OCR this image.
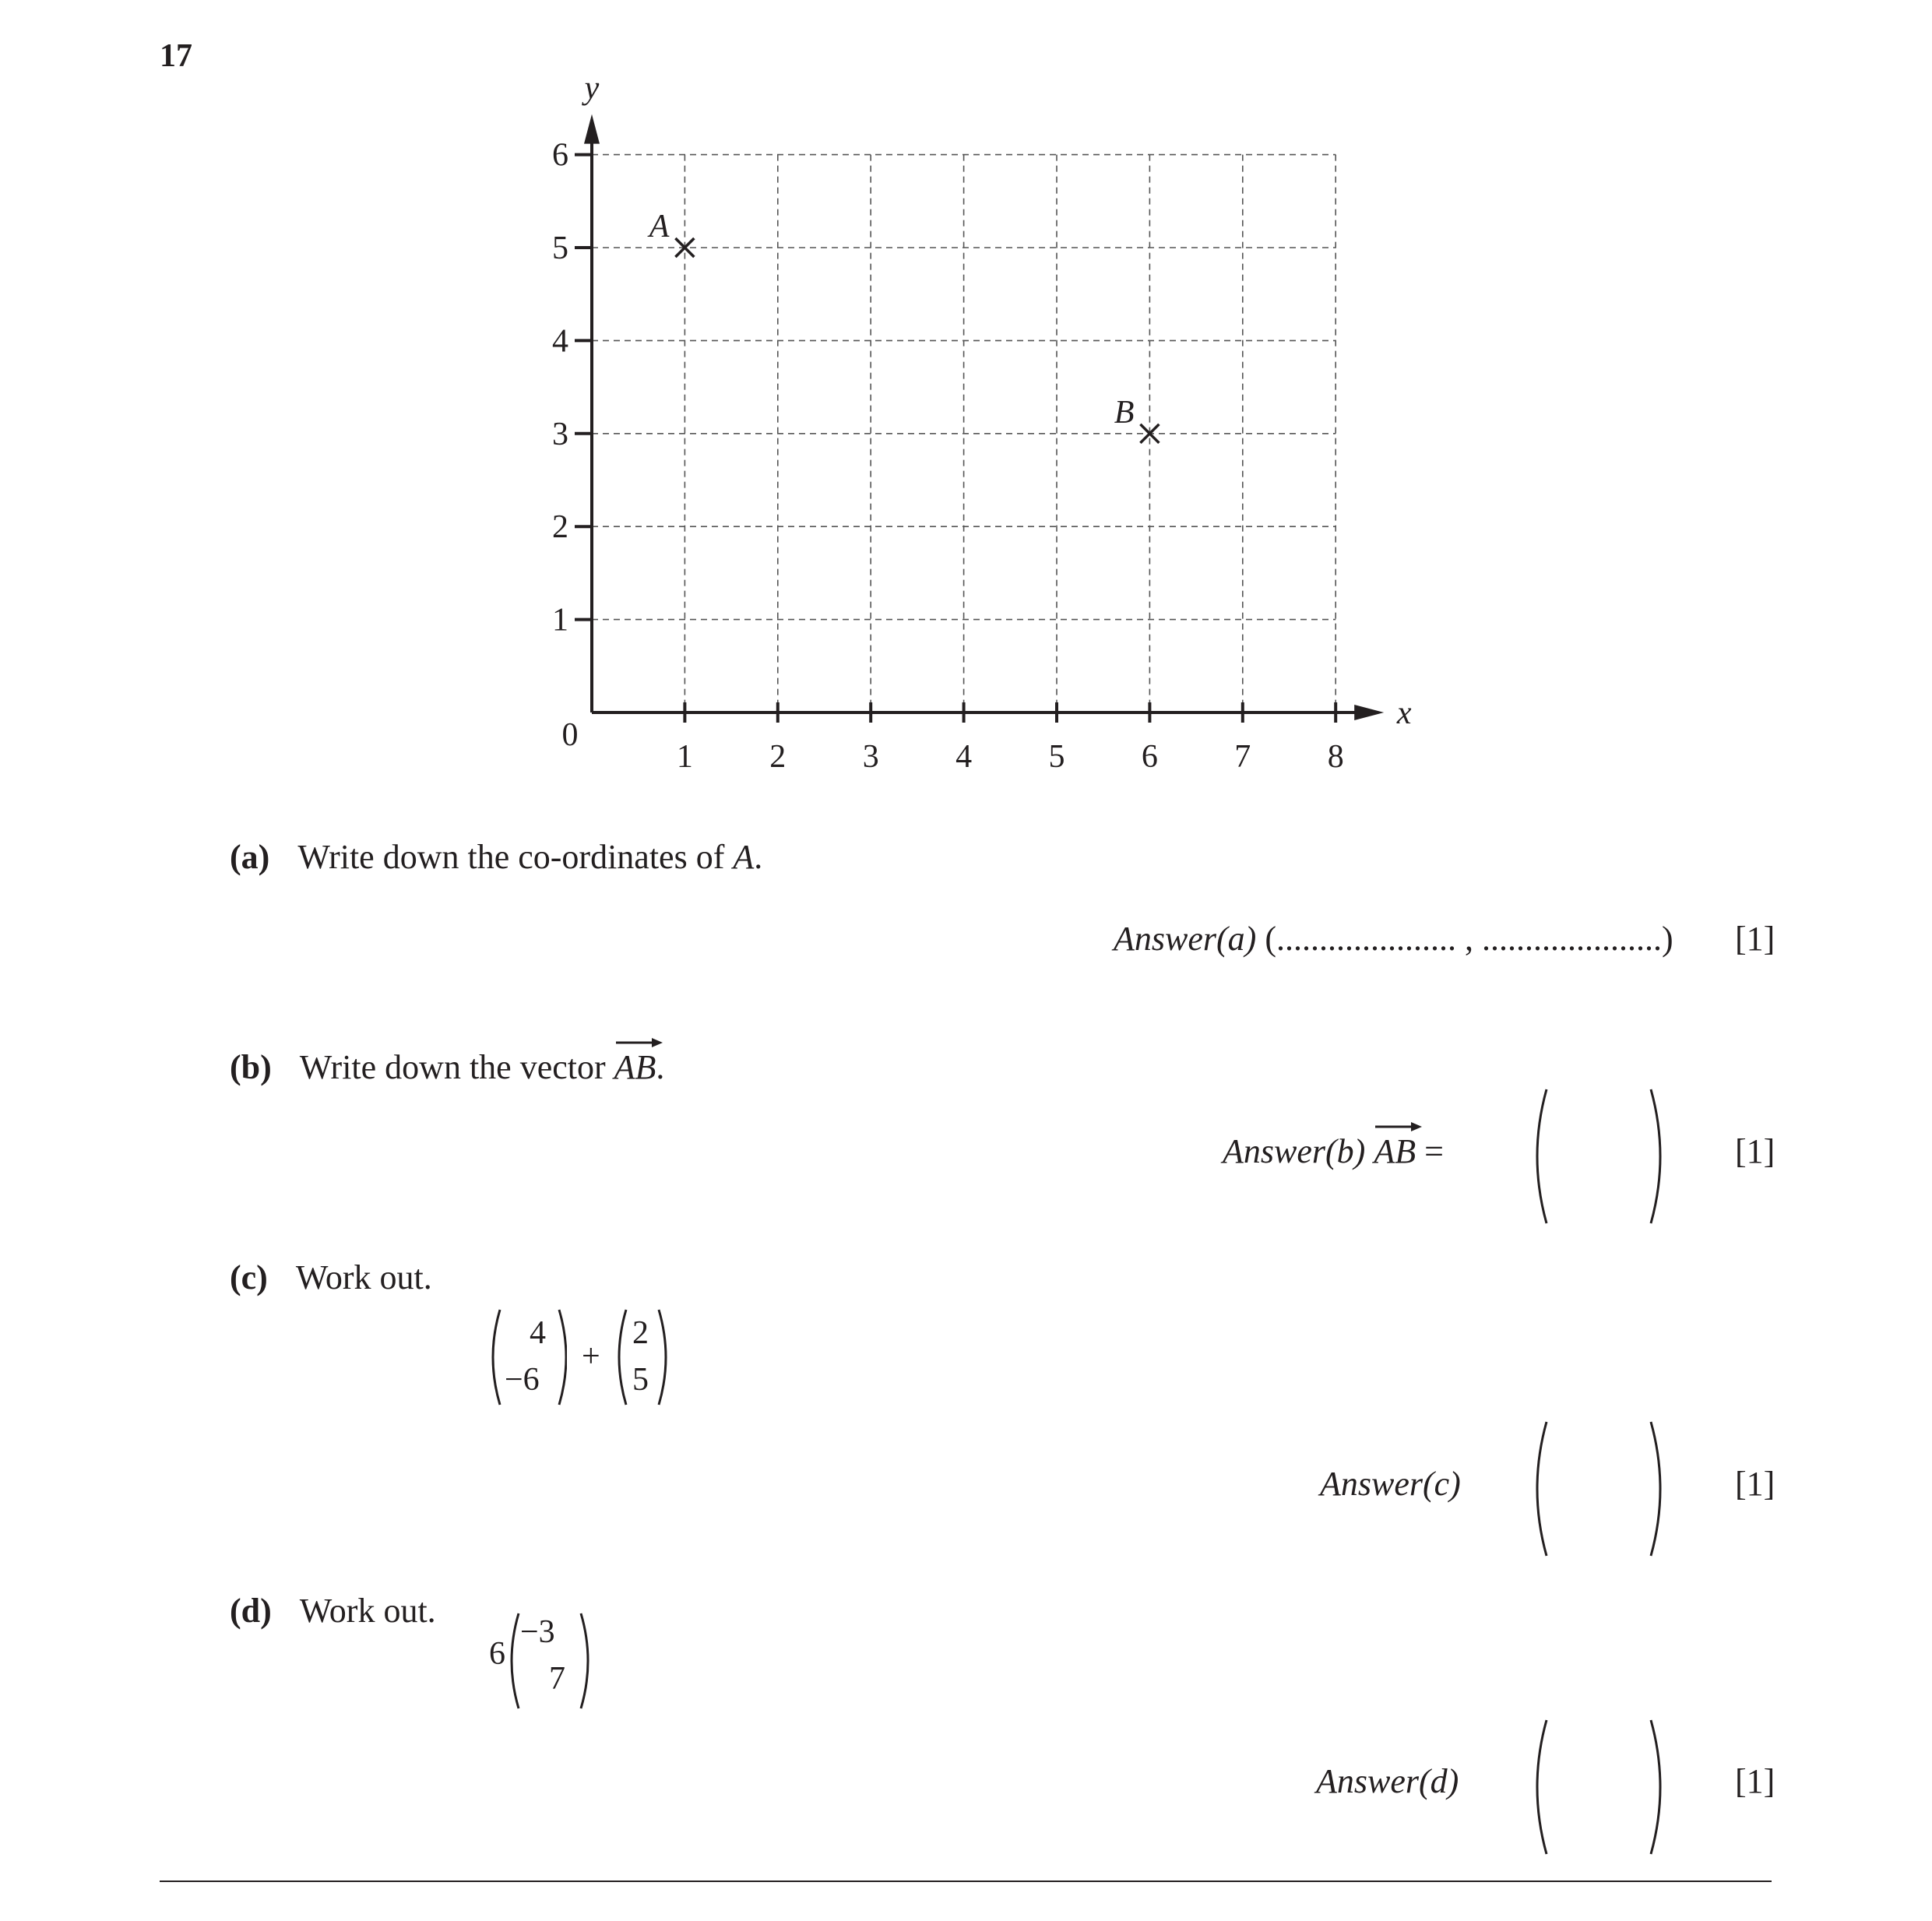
17
1 2 3 4 5 6 7 8
1
2
3
4
5
6
0
x
y
A
B
(a) Write down the co-ordinates of A.
Answer(a) (..................... , .....................) [1]
(b) Write down the vector
AB.
Answer(b) AB =	[1]
(c) Work out.
4
−6
+
2
5
Answer(c)	[1]
(d) Work out.
6
−3
7
Answer(d)	[1]
